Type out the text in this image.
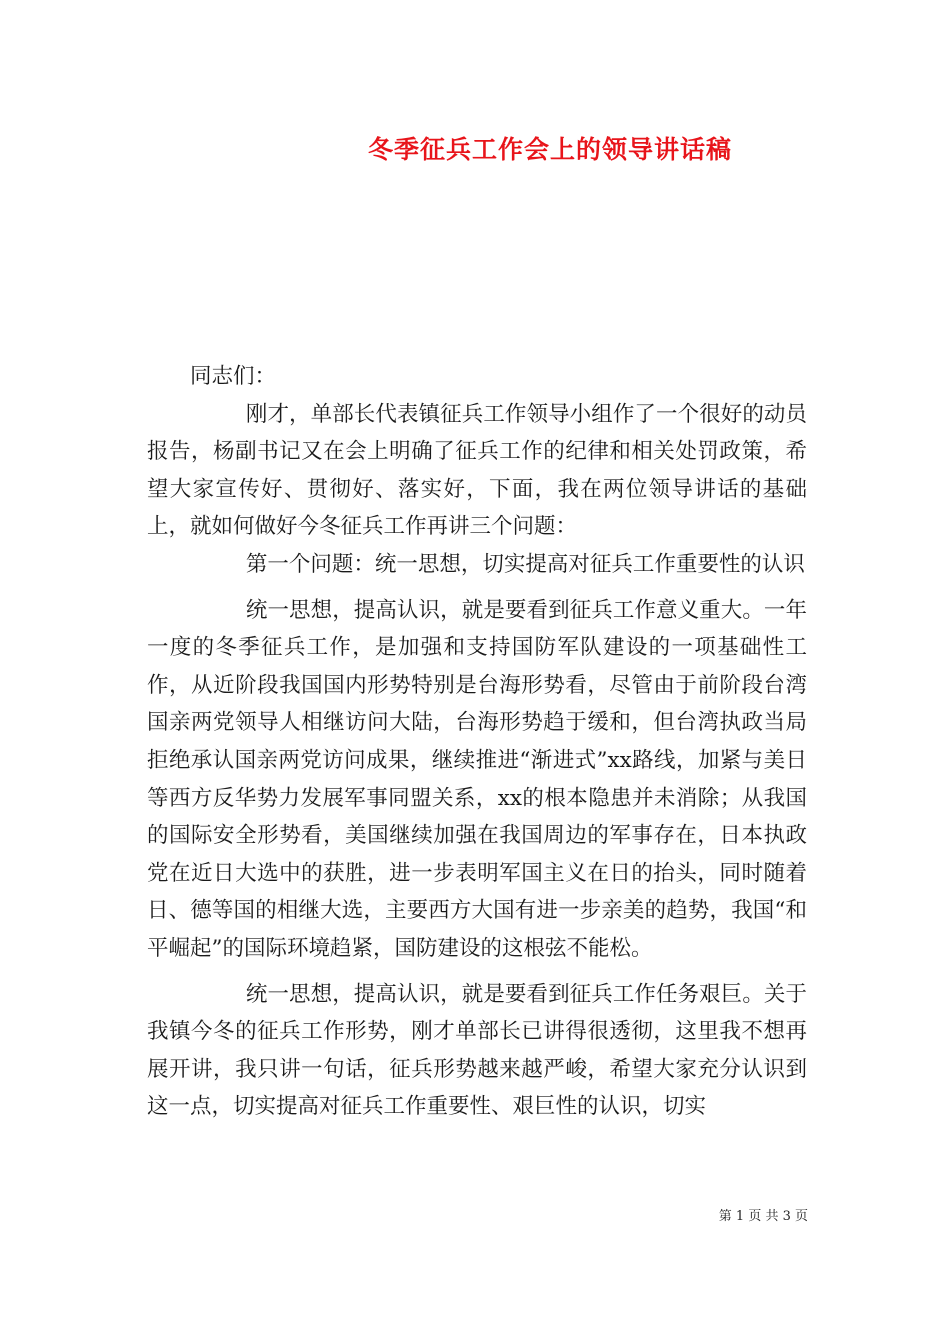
冬季征兵工作会上的领导讲话稿

同志们：

刚才，单部长代表镇征兵工作领导小组作了一个很好的动员报告，杨副书记又在会上明确了征兵工作的纪律和相关处罚政策，希望大家宣传好、贯彻好、落实好，下面，我在两位领导讲话的基础上，就如何做好今冬征兵工作再讲三个问题：

第一个问题：统一思想，切实提高对征兵工作重要性的认识

统一思想，提高认识，就是要看到征兵工作意义重大。一年一度的冬季征兵工作，是加强和支持国防军队建设的一项基础性工作，从近阶段我国国内形势特别是台海形势看，尽管由于前阶段台湾国亲两党领导人相继访问大陆，台海形势趋于缓和，但台湾执政当局拒绝承认国亲两党访问成果，继续推进“渐进式”xx路线，加紧与美日等西方反华势力发展军事同盟关系，xx的根本隐患并未消除；从我国的国际安全形势看，美国继续加强在我国周边的军事存在，日本执政党在近日大选中的获胜，进一步表明军国主义在日的抬头，同时随着日、德等国的相继大选，主要西方大国有进一步亲美的趋势，我国“和平崛起”的国际环境趋紧，国防建设的这根弦不能松。

统一思想，提高认识，就是要看到征兵工作任务艰巨。关于我镇今冬的征兵工作形势，刚才单部长已讲得很透彻，这里我不想再展开讲，我只讲一句话，征兵形势越来越严峻，希望大家充分认识到这一点，切实提高对征兵工作重要性、艰巨性的认识，切实

第 1 页 共 3 页
